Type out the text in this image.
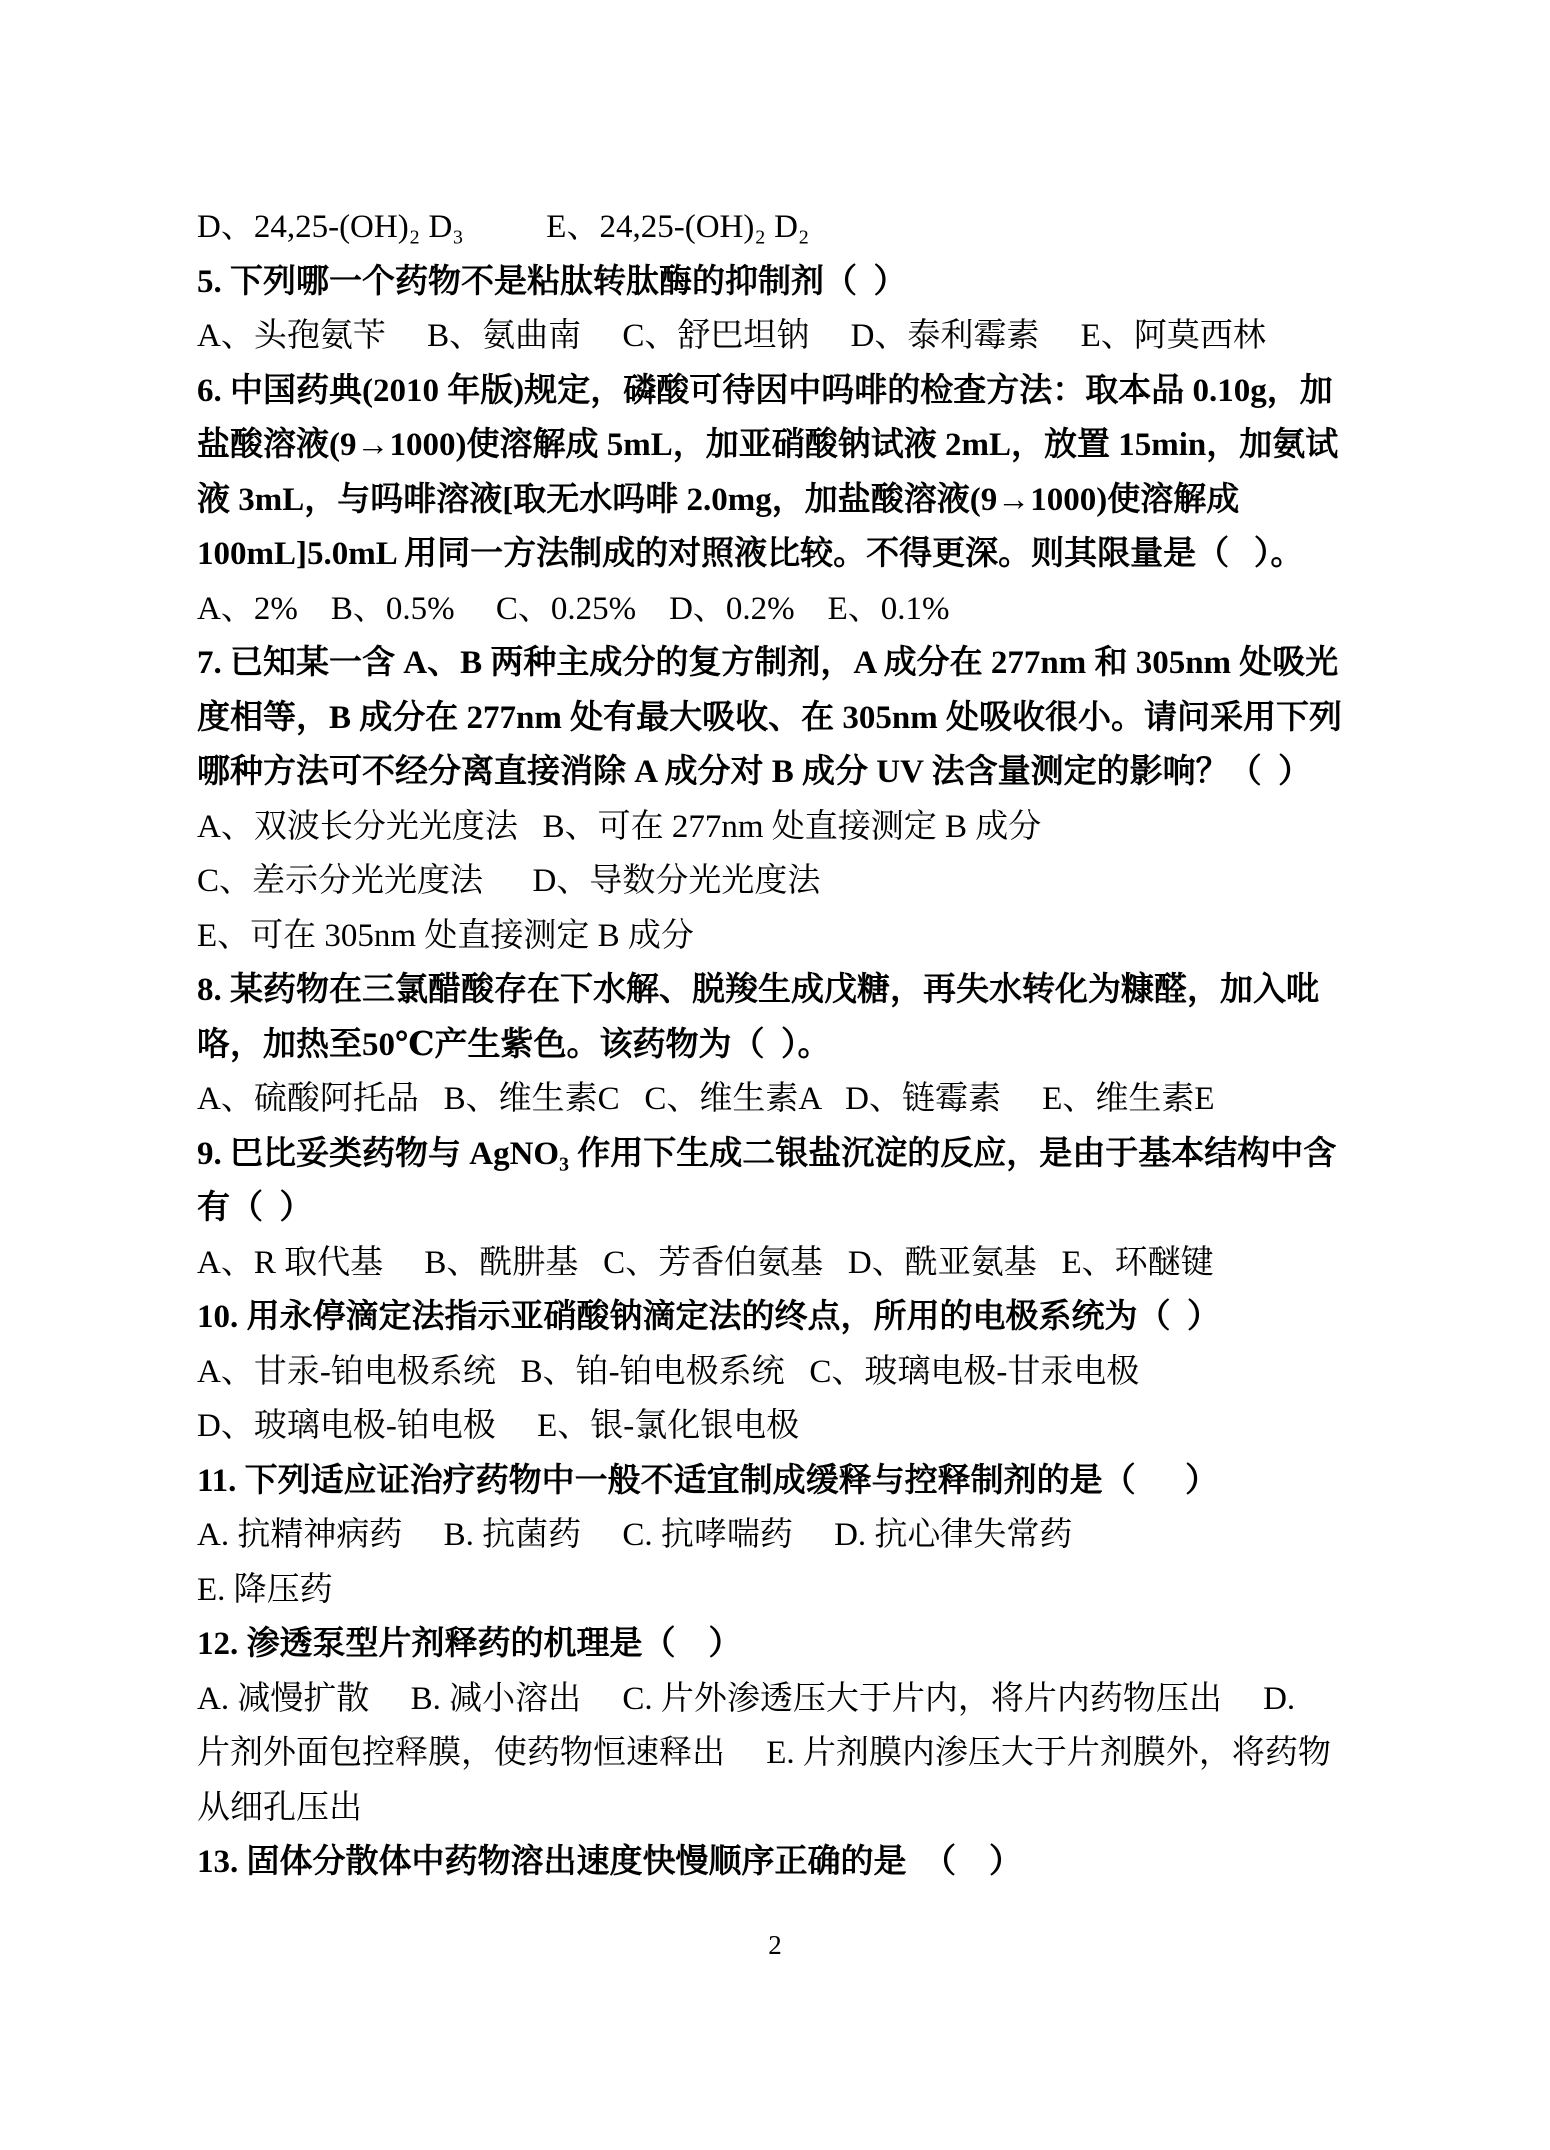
D、24,25-(OH)₂ D₃          E、24,25-(OH)₂ D₂
5. 下列哪一个药物不是粘肽转肽酶的抑制剂（  ）
A、头孢氨苄     B、氨曲南     C、舒巴坦钠     D、泰利霉素     E、阿莫西林
6. 中国药典(2010 年版)规定，磷酸可待因中吗啡的检查方法：取本品 0.10g，加
盐酸溶液(9→1000)使溶解成 5mL，加亚硝酸钠试液 2mL，放置 15min，加氨试
液 3mL，与吗啡溶液[取无水吗啡 2.0mg，加盐酸溶液(9→1000)使溶解成
100mL]5.0mL 用同一方法制成的对照液比较。不得更深。则其限量是（   ）。
A、2%    B、0.5%     C、0.25%    D、0.2%    E、0.1%
7. 已知某一含 A、B 两种主成分的复方制剂，A 成分在 277nm 和 305nm 处吸光
度相等，B 成分在 277nm 处有最大吸收、在 305nm 处吸收很小。请问采用下列
哪种方法可不经分离直接消除 A 成分对 B 成分 UV 法含量测定的影响？（  ）
A、双波长分光光度法   B、可在 277nm 处直接测定 B 成分
C、差示分光光度法      D、导数分光光度法
E、可在 305nm 处直接测定 B 成分
8. 某药物在三氯醋酸存在下水解、脱羧生成戊糖，再失水转化为糠醛，加入吡
咯，加热至50℃产生紫色。该药物为（  ）。
A、硫酸阿托品   B、维生素C   C、维生素A   D、链霉素     E、维生素E
9. 巴比妥类药物与 AgNO₃ 作用下生成二银盐沉淀的反应，是由于基本结构中含
有（  ）
A、R 取代基     B、酰肼基   C、芳香伯氨基   D、酰亚氨基   E、环醚键
10. 用永停滴定法指示亚硝酸钠滴定法的终点，所用的电极系统为（  ）
A、甘汞-铂电极系统   B、铂-铂电极系统   C、玻璃电极-甘汞电极
D、玻璃电极-铂电极     E、银-氯化银电极
11. 下列适应证治疗药物中一般不适宜制成缓释与控释制剂的是（      ）
A. 抗精神病药     B. 抗菌药     C. 抗哮喘药     D. 抗心律失常药
E. 降压药
12. 渗透泵型片剂释药的机理是（    ）
A. 减慢扩散     B. 减小溶出     C. 片外渗透压大于片内，将片内药物压出     D.
片剂外面包控释膜，使药物恒速释出     E. 片剂膜内渗压大于片剂膜外，将药物
从细孔压出
13. 固体分散体中药物溶出速度快慢顺序正确的是  （    ）
2
